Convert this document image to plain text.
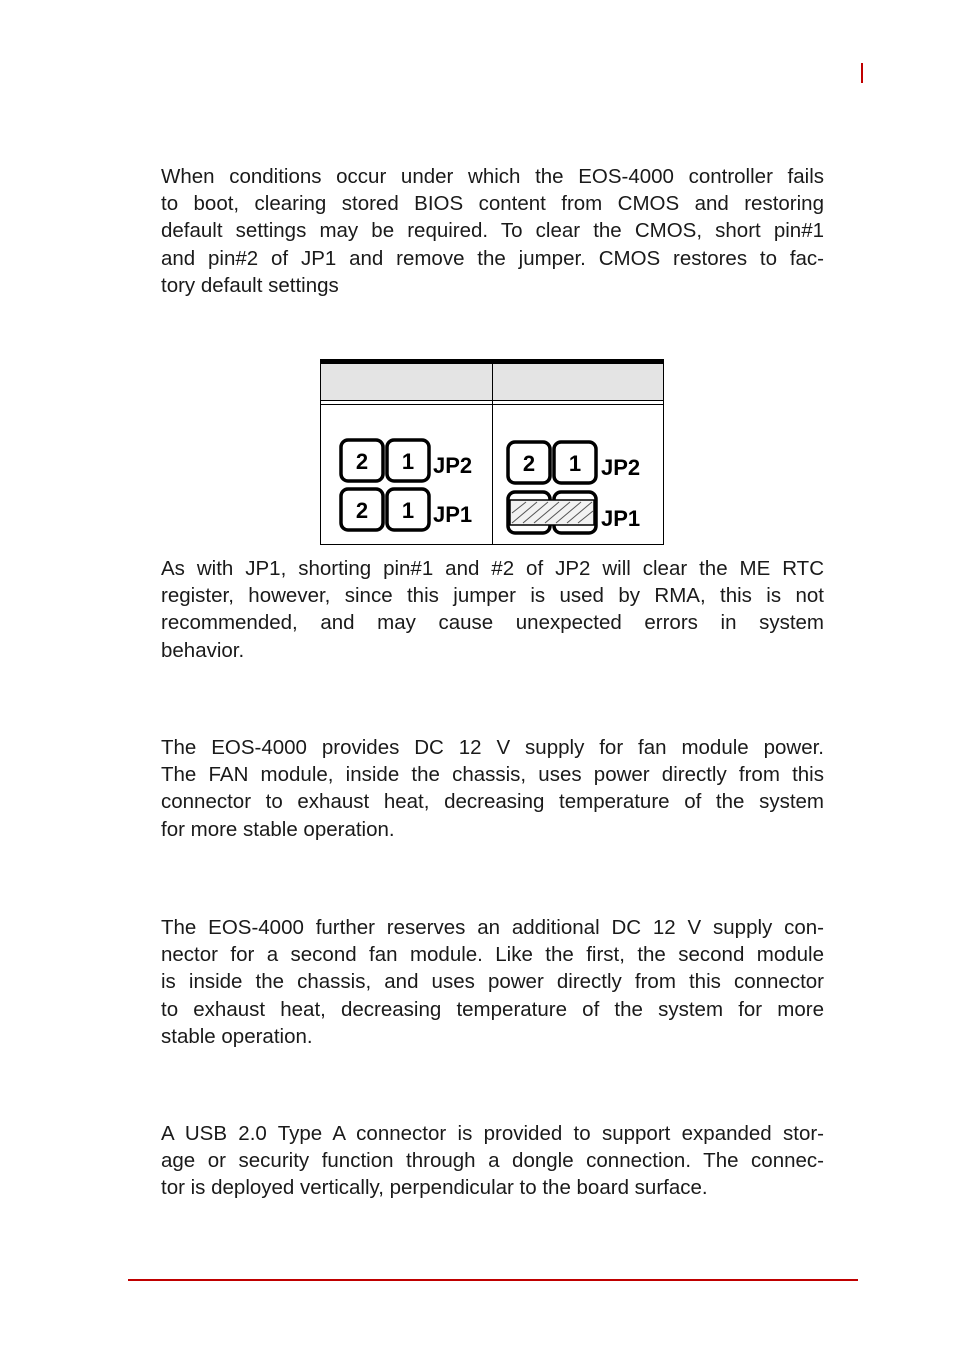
When conditions occur under which the EOS-4000 controller fails
to boot, clearing stored BIOS content from CMOS and restoring
default settings may be required. To clear the CMOS, short pin#1
and pin#2 of JP1 and remove the jumper. CMOS restores to fac-
tory default settings

2 1 JP2
2 1 JP1
2 1 JP2
JP1

As with JP1, shorting pin#1 and #2 of JP2 will clear the ME RTC
register, however, since this jumper is used by RMA, this is not
recommended, and may cause unexpected errors in system
behavior.

The EOS-4000 provides DC 12 V supply for fan module power.
The FAN module, inside the chassis, uses power directly from this
connector to exhaust heat, decreasing temperature of the system
for more stable operation.

The EOS-4000 further reserves an additional DC 12 V supply con-
nector for a second fan module. Like the first, the second module
is inside the chassis, and uses power directly from this connector
to exhaust heat, decreasing temperature of the system for more
stable operation.

A USB 2.0 Type A connector is provided to support expanded stor-
age or security function through a dongle connection. The connec-
tor is deployed vertically, perpendicular to the board surface.
